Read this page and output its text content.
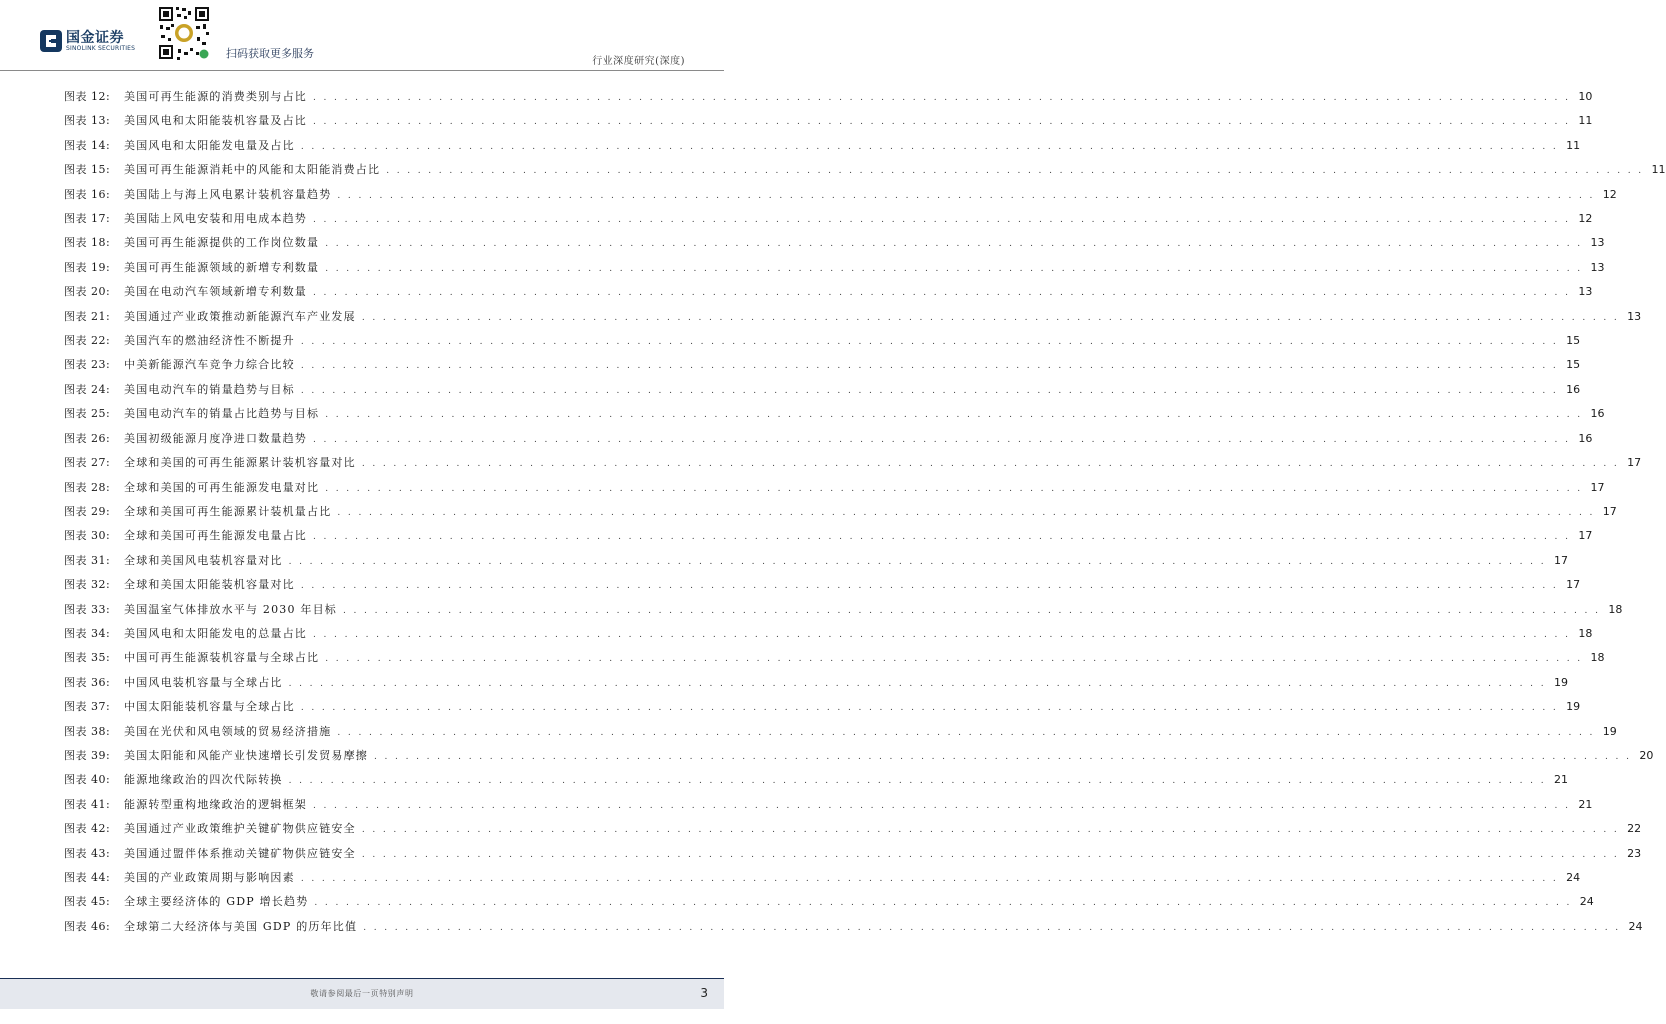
国金证券
SINOLINK SECURITIES	扫码获取更多服务
行业深度研究(深度)
图表 12:	美国可再生能源的消费类别与占比 . . . . . . . . . . . . . . . . . . . . . . . . . . . . . . . . . . . . . . . . . . . . . . . . . . . . . . . . . . . . . . . . . . . . . . . . . . . . . . . . . . . . . . . . . . . . . . . . . . . . . . . . . . . . . . . . . . . . . . . . 10
图表 13:	美国风电和太阳能装机容量及占比 . . . . . . . . . . . . . . . . . . . . . . . . . . . . . . . . . . . . . . . . . . . . . . . . . . . . . . . . . . . . . . . . . . . . . . . . . . . . . . . . . . . . . . . . . . . . . . . . . . . . . . . . . . . . . . . . . . . . . . . . 11
图表 14:	美国风电和太阳能发电量及占比 . . . . . . . . . . . . . . . . . . . . . . . . . . . . . . . . . . . . . . . . . . . . . . . . . . . . . . . . . . . . . . . . . . . . . . . . . . . . . . . . . . . . . . . . . . . . . . . . . . . . . . . . . . . . . . . . . . . . . . . . 11
图表 15:	美国可再生能源消耗中的风能和太阳能消费占比 . . . . . . . . . . . . . . . . . . . . . . . . . . . . . . . . . . . . . . . . . . . . . . . . . . . . . . . . . . . . . . . . . . . . . . . . . . . . . . . . . . . . . . . . . . . . . . . . . . . . . . . . . . . . . . . . . . . . . . . . 11
图表 16:	美国陆上与海上风电累计装机容量趋势 . . . . . . . . . . . . . . . . . . . . . . . . . . . . . . . . . . . . . . . . . . . . . . . . . . . . . . . . . . . . . . . . . . . . . . . . . . . . . . . . . . . . . . . . . . . . . . . . . . . . . . . . . . . . . . . . . . . . . . . . 12
图表 17:	美国陆上风电安装和用电成本趋势 . . . . . . . . . . . . . . . . . . . . . . . . . . . . . . . . . . . . . . . . . . . . . . . . . . . . . . . . . . . . . . . . . . . . . . . . . . . . . . . . . . . . . . . . . . . . . . . . . . . . . . . . . . . . . . . . . . . . . . . . 12
图表 18:	美国可再生能源提供的工作岗位数量 . . . . . . . . . . . . . . . . . . . . . . . . . . . . . . . . . . . . . . . . . . . . . . . . . . . . . . . . . . . . . . . . . . . . . . . . . . . . . . . . . . . . . . . . . . . . . . . . . . . . . . . . . . . . . . . . . . . . . . . . 13
图表 19:	美国可再生能源领域的新增专利数量 . . . . . . . . . . . . . . . . . . . . . . . . . . . . . . . . . . . . . . . . . . . . . . . . . . . . . . . . . . . . . . . . . . . . . . . . . . . . . . . . . . . . . . . . . . . . . . . . . . . . . . . . . . . . . . . . . . . . . . . . 13
图表 20:	美国在电动汽车领域新增专利数量 . . . . . . . . . . . . . . . . . . . . . . . . . . . . . . . . . . . . . . . . . . . . . . . . . . . . . . . . . . . . . . . . . . . . . . . . . . . . . . . . . . . . . . . . . . . . . . . . . . . . . . . . . . . . . . . . . . . . . . . . 13
图表 21:	美国通过产业政策推动新能源汽车产业发展 . . . . . . . . . . . . . . . . . . . . . . . . . . . . . . . . . . . . . . . . . . . . . . . . . . . . . . . . . . . . . . . . . . . . . . . . . . . . . . . . . . . . . . . . . . . . . . . . . . . . . . . . . . . . . . . . . . . . . . . . 13
图表 22:	美国汽车的燃油经济性不断提升 . . . . . . . . . . . . . . . . . . . . . . . . . . . . . . . . . . . . . . . . . . . . . . . . . . . . . . . . . . . . . . . . . . . . . . . . . . . . . . . . . . . . . . . . . . . . . . . . . . . . . . . . . . . . . . . . . . . . . . . . 15
图表 23:	中美新能源汽车竞争力综合比较 . . . . . . . . . . . . . . . . . . . . . . . . . . . . . . . . . . . . . . . . . . . . . . . . . . . . . . . . . . . . . . . . . . . . . . . . . . . . . . . . . . . . . . . . . . . . . . . . . . . . . . . . . . . . . . . . . . . . . . . . 15
图表 24:	美国电动汽车的销量趋势与目标 . . . . . . . . . . . . . . . . . . . . . . . . . . . . . . . . . . . . . . . . . . . . . . . . . . . . . . . . . . . . . . . . . . . . . . . . . . . . . . . . . . . . . . . . . . . . . . . . . . . . . . . . . . . . . . . . . . . . . . . . 16
图表 25:	美国电动汽车的销量占比趋势与目标 . . . . . . . . . . . . . . . . . . . . . . . . . . . . . . . . . . . . . . . . . . . . . . . . . . . . . . . . . . . . . . . . . . . . . . . . . . . . . . . . . . . . . . . . . . . . . . . . . . . . . . . . . . . . . . . . . . . . . . . . 16
图表 26:	美国初级能源月度净进口数量趋势 . . . . . . . . . . . . . . . . . . . . . . . . . . . . . . . . . . . . . . . . . . . . . . . . . . . . . . . . . . . . . . . . . . . . . . . . . . . . . . . . . . . . . . . . . . . . . . . . . . . . . . . . . . . . . . . . . . . . . . . . 16
图表 27:	全球和美国的可再生能源累计装机容量对比 . . . . . . . . . . . . . . . . . . . . . . . . . . . . . . . . . . . . . . . . . . . . . . . . . . . . . . . . . . . . . . . . . . . . . . . . . . . . . . . . . . . . . . . . . . . . . . . . . . . . . . . . . . . . . . . . . . . . . . . . 17
图表 28:	全球和美国的可再生能源发电量对比 . . . . . . . . . . . . . . . . . . . . . . . . . . . . . . . . . . . . . . . . . . . . . . . . . . . . . . . . . . . . . . . . . . . . . . . . . . . . . . . . . . . . . . . . . . . . . . . . . . . . . . . . . . . . . . . . . . . . . . . . 17
图表 29:	全球和美国可再生能源累计装机量占比 . . . . . . . . . . . . . . . . . . . . . . . . . . . . . . . . . . . . . . . . . . . . . . . . . . . . . . . . . . . . . . . . . . . . . . . . . . . . . . . . . . . . . . . . . . . . . . . . . . . . . . . . . . . . . . . . . . . . . . . . 17
图表 30:	全球和美国可再生能源发电量占比 . . . . . . . . . . . . . . . . . . . . . . . . . . . . . . . . . . . . . . . . . . . . . . . . . . . . . . . . . . . . . . . . . . . . . . . . . . . . . . . . . . . . . . . . . . . . . . . . . . . . . . . . . . . . . . . . . . . . . . . . 17
图表 31:	全球和美国风电装机容量对比 . . . . . . . . . . . . . . . . . . . . . . . . . . . . . . . . . . . . . . . . . . . . . . . . . . . . . . . . . . . . . . . . . . . . . . . . . . . . . . . . . . . . . . . . . . . . . . . . . . . . . . . . . . . . . . . . . . . . . . . . 17
图表 32:	全球和美国太阳能装机容量对比 . . . . . . . . . . . . . . . . . . . . . . . . . . . . . . . . . . . . . . . . . . . . . . . . . . . . . . . . . . . . . . . . . . . . . . . . . . . . . . . . . . . . . . . . . . . . . . . . . . . . . . . . . . . . . . . . . . . . . . . . 17
图表 33:	美国温室气体排放水平与 2030 年目标 . . . . . . . . . . . . . . . . . . . . . . . . . . . . . . . . . . . . . . . . . . . . . . . . . . . . . . . . . . . . . . . . . . . . . . . . . . . . . . . . . . . . . . . . . . . . . . . . . . . . . . . . . . . . . . . . . . . . . . . . 18
图表 34:	美国风电和太阳能发电的总量占比 . . . . . . . . . . . . . . . . . . . . . . . . . . . . . . . . . . . . . . . . . . . . . . . . . . . . . . . . . . . . . . . . . . . . . . . . . . . . . . . . . . . . . . . . . . . . . . . . . . . . . . . . . . . . . . . . . . . . . . . . 18
图表 35:	中国可再生能源装机容量与全球占比 . . . . . . . . . . . . . . . . . . . . . . . . . . . . . . . . . . . . . . . . . . . . . . . . . . . . . . . . . . . . . . . . . . . . . . . . . . . . . . . . . . . . . . . . . . . . . . . . . . . . . . . . . . . . . . . . . . . . . . . . 18
图表 36:	中国风电装机容量与全球占比 . . . . . . . . . . . . . . . . . . . . . . . . . . . . . . . . . . . . . . . . . . . . . . . . . . . . . . . . . . . . . . . . . . . . . . . . . . . . . . . . . . . . . . . . . . . . . . . . . . . . . . . . . . . . . . . . . . . . . . . . 19
图表 37:	中国太阳能装机容量与全球占比 . . . . . . . . . . . . . . . . . . . . . . . . . . . . . . . . . . . . . . . . . . . . . . . . . . . . . . . . . . . . . . . . . . . . . . . . . . . . . . . . . . . . . . . . . . . . . . . . . . . . . . . . . . . . . . . . . . . . . . . . 19
图表 38:	美国在光伏和风电领域的贸易经济措施 . . . . . . . . . . . . . . . . . . . . . . . . . . . . . . . . . . . . . . . . . . . . . . . . . . . . . . . . . . . . . . . . . . . . . . . . . . . . . . . . . . . . . . . . . . . . . . . . . . . . . . . . . . . . . . . . . . . . . . . . 19
图表 39:	美国太阳能和风能产业快速增长引发贸易摩擦 . . . . . . . . . . . . . . . . . . . . . . . . . . . . . . . . . . . . . . . . . . . . . . . . . . . . . . . . . . . . . . . . . . . . . . . . . . . . . . . . . . . . . . . . . . . . . . . . . . . . . . . . . . . . . . . . . . . . . . . . 20
图表 40:	能源地缘政治的四次代际转换 . . . . . . . . . . . . . . . . . . . . . . . . . . . . . . . . . . . . . . . . . . . . . . . . . . . . . . . . . . . . . . . . . . . . . . . . . . . . . . . . . . . . . . . . . . . . . . . . . . . . . . . . . . . . . . . . . . . . . . . . 21
图表 41:	能源转型重构地缘政治的逻辑框架 . . . . . . . . . . . . . . . . . . . . . . . . . . . . . . . . . . . . . . . . . . . . . . . . . . . . . . . . . . . . . . . . . . . . . . . . . . . . . . . . . . . . . . . . . . . . . . . . . . . . . . . . . . . . . . . . . . . . . . . . 21
图表 42:	美国通过产业政策维护关键矿物供应链安全 . . . . . . . . . . . . . . . . . . . . . . . . . . . . . . . . . . . . . . . . . . . . . . . . . . . . . . . . . . . . . . . . . . . . . . . . . . . . . . . . . . . . . . . . . . . . . . . . . . . . . . . . . . . . . . . . . . . . . . . . 22
图表 43:	美国通过盟伴体系推动关键矿物供应链安全 . . . . . . . . . . . . . . . . . . . . . . . . . . . . . . . . . . . . . . . . . . . . . . . . . . . . . . . . . . . . . . . . . . . . . . . . . . . . . . . . . . . . . . . . . . . . . . . . . . . . . . . . . . . . . . . . . . . . . . . . 23
图表 44:	美国的产业政策周期与影响因素 . . . . . . . . . . . . . . . . . . . . . . . . . . . . . . . . . . . . . . . . . . . . . . . . . . . . . . . . . . . . . . . . . . . . . . . . . . . . . . . . . . . . . . . . . . . . . . . . . . . . . . . . . . . . . . . . . . . . . . . . 24
图表 45:	全球主要经济体的 GDP 增长趋势 . . . . . . . . . . . . . . . . . . . . . . . . . . . . . . . . . . . . . . . . . . . . . . . . . . . . . . . . . . . . . . . . . . . . . . . . . . . . . . . . . . . . . . . . . . . . . . . . . . . . . . . . . . . . . . . . . . . . . . . . 24
图表 46:	全球第二大经济体与美国 GDP 的历年比值 . . . . . . . . . . . . . . . . . . . . . . . . . . . . . . . . . . . . . . . . . . . . . . . . . . . . . . . . . . . . . . . . . . . . . . . . . . . . . . . . . . . . . . . . . . . . . . . . . . . . . . . . . . . . . . . . . . . . . . . . 24
敬请参阅最后一页特别声明	3
